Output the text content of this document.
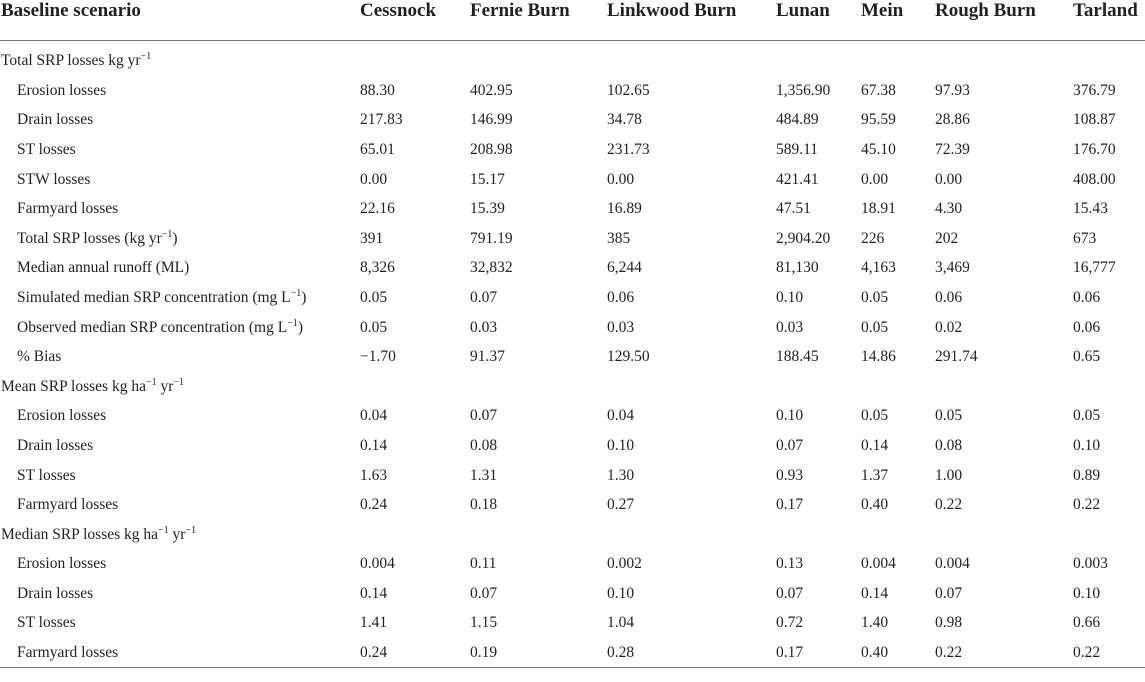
Baseline scenario	Cessnock	Fernie Burn	Linkwood Burn	Lunan	Mein	Rough Burn	Tarland
Total SRP losses kg $yr^{-1}$
Erosion losses	88.30	402.95	102.65	1,356.90	67.38	97.93	376.79
Drain losses	217.83	146.99	34.78	484.89	95.59	28.86	108.87
ST losses	65.01	208.98	231.73	589.11	45.10	72.39	176.70
STW losses	0.00	15.17	0.00	421.41	0.00	0.00	408.00
Farmyard losses	22.16	15.39	16.89	47.51	18.91	4.30	15.43
Total SRP losses (kg $yr^{-1}$)	391	791.19	385	2,904.20	226	202	673
Median annual runoff (ML)	8,326	32,832	6,244	81,130	4,163	3,469	16,777
Simulated median SRP concentration (mg $L^{-1}$)	0.05	0.07	0.06	0.10	0.05	0.06	0.06
Observed median SRP concentration (mg $L^{-1}$)	0.05	0.03	0.03	0.03	0.05	0.02	0.06
% Bias	−1.70	91.37	129.50	188.45	14.86	291.74	0.65
Mean SRP losses kg $ha^{-1}$ $yr^{-1}$
Erosion losses	0.04	0.07	0.04	0.10	0.05	0.05	0.05
Drain losses	0.14	0.08	0.10	0.07	0.14	0.08	0.10
ST losses	1.63	1.31	1.30	0.93	1.37	1.00	0.89
Farmyard losses	0.24	0.18	0.27	0.17	0.40	0.22	0.22
Median SRP losses kg $ha^{-1}$ $yr^{-1}$
Erosion losses	0.004	0.11	0.002	0.13	0.004	0.004	0.003
Drain losses	0.14	0.07	0.10	0.07	0.14	0.07	0.10
ST losses	1.41	1.15	1.04	0.72	1.40	0.98	0.66
Farmyard losses	0.24	0.19	0.28	0.17	0.40	0.22	0.22
